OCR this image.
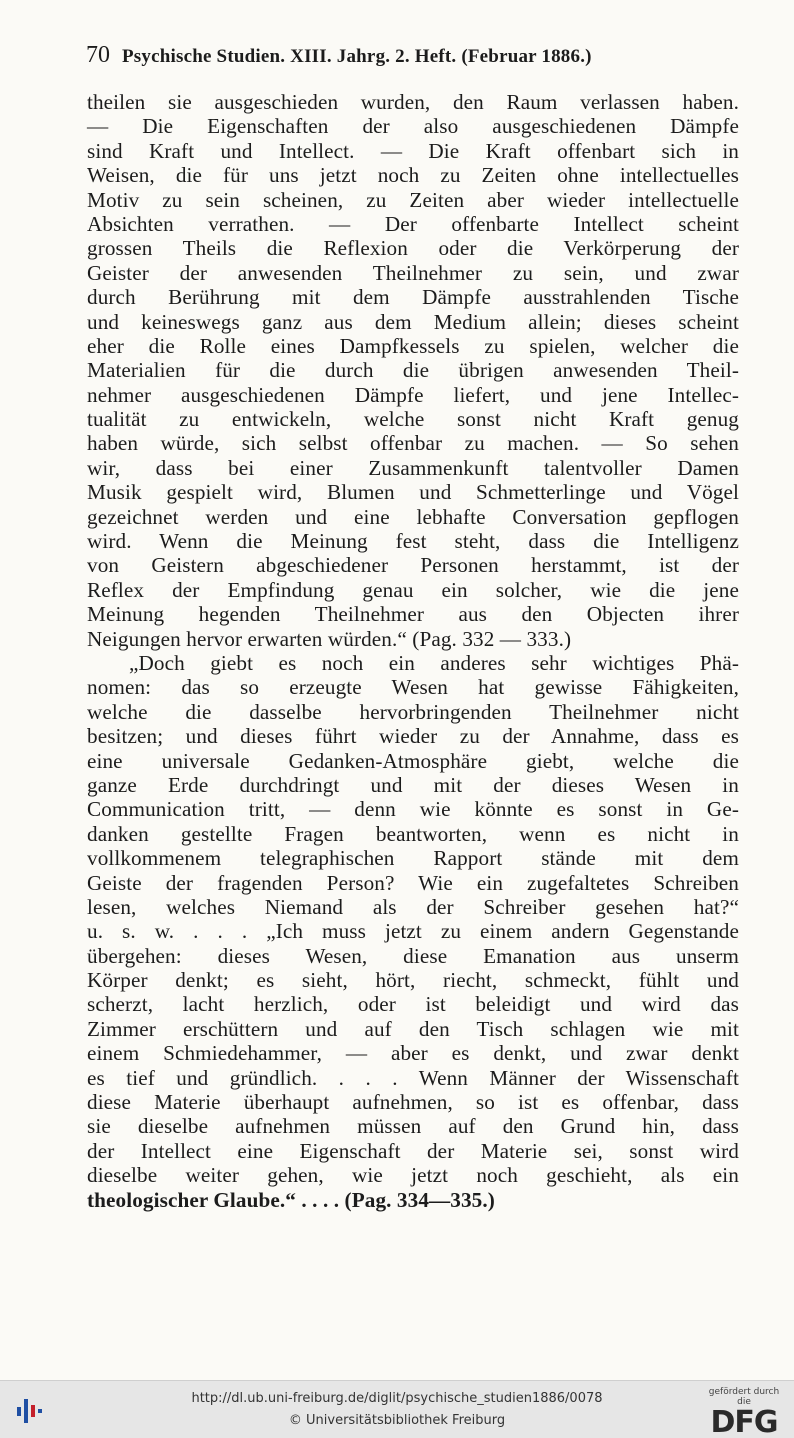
70 Psychische Studien. XIII. Jahrg. 2. Heft. (Februar 1886.)
theilen sie ausgeschieden wurden, den Raum verlassen haben.
— Die Eigenschaften der also ausgeschiedenen Dämpfe
sind Kraft und Intellect. — Die Kraft offenbart sich in
Weisen, die für uns jetzt noch zu Zeiten ohne intellectuelles
Motiv zu sein scheinen, zu Zeiten aber wieder intellectuelle
Absichten verrathen. — Der offenbarte Intellect scheint
grossen Theils die Reflexion oder die Verkörperung der
Geister der anwesenden Theilnehmer zu sein, und zwar
durch Berührung mit dem Dämpfe ausstrahlenden Tische
und keineswegs ganz aus dem Medium allein; dieses scheint
eher die Rolle eines Dampfkessels zu spielen, welcher die
Materialien für die durch die übrigen anwesenden Theil-
nehmer ausgeschiedenen Dämpfe liefert, und jene Intellec-
tualität zu entwickeln, welche sonst nicht Kraft genug
haben würde, sich selbst offenbar zu machen. — So sehen
wir, dass bei einer Zusammenkunft talentvoller Damen
Musik gespielt wird, Blumen und Schmetterlinge und Vögel
gezeichnet werden und eine lebhafte Conversation gepflogen
wird. Wenn die Meinung fest steht, dass die Intelligenz
von Geistern abgeschiedener Personen herstammt, ist der
Reflex der Empfindung genau ein solcher, wie die jene
Meinung hegenden Theilnehmer aus den Objecten ihrer
Neigungen hervor erwarten würden.“ (Pag. 332 — 333.)
„Doch giebt es noch ein anderes sehr wichtiges Phä-
nomen: das so erzeugte Wesen hat gewisse Fähigkeiten,
welche die dasselbe hervorbringenden Theilnehmer nicht
besitzen; und dieses führt wieder zu der Annahme, dass es
eine universale Gedanken-Atmosphäre giebt, welche die
ganze Erde durchdringt und mit der dieses Wesen in
Communication tritt, — denn wie könnte es sonst in Ge-
danken gestellte Fragen beantworten, wenn es nicht in
vollkommenem telegraphischen Rapport stände mit dem
Geiste der fragenden Person? Wie ein zugefaltetes Schreiben
lesen, welches Niemand als der Schreiber gesehen hat?“
u. s. w. . . . „Ich muss jetzt zu einem andern Gegenstande
übergehen: dieses Wesen, diese Emanation aus unserm
Körper denkt; es sieht, hört, riecht, schmeckt, fühlt und
scherzt, lacht herzlich, oder ist beleidigt und wird das
Zimmer erschüttern und auf den Tisch schlagen wie mit
einem Schmiedehammer, — aber es denkt, und zwar denkt
es tief und gründlich. . . . Wenn Männer der Wissenschaft
diese Materie überhaupt aufnehmen, so ist es offenbar, dass
sie dieselbe aufnehmen müssen auf den Grund hin, dass
der Intellect eine Eigenschaft der Materie sei, sonst wird
dieselbe weiter gehen, wie jetzt noch geschieht, als ein
theologischer Glaube.“ . . . . (Pag. 334—335.)
http://dl.ub.uni-freiburg.de/diglit/psychische_studien1886/0078
© Universitätsbibliothek Freiburg
gefördert durch die
DFG
